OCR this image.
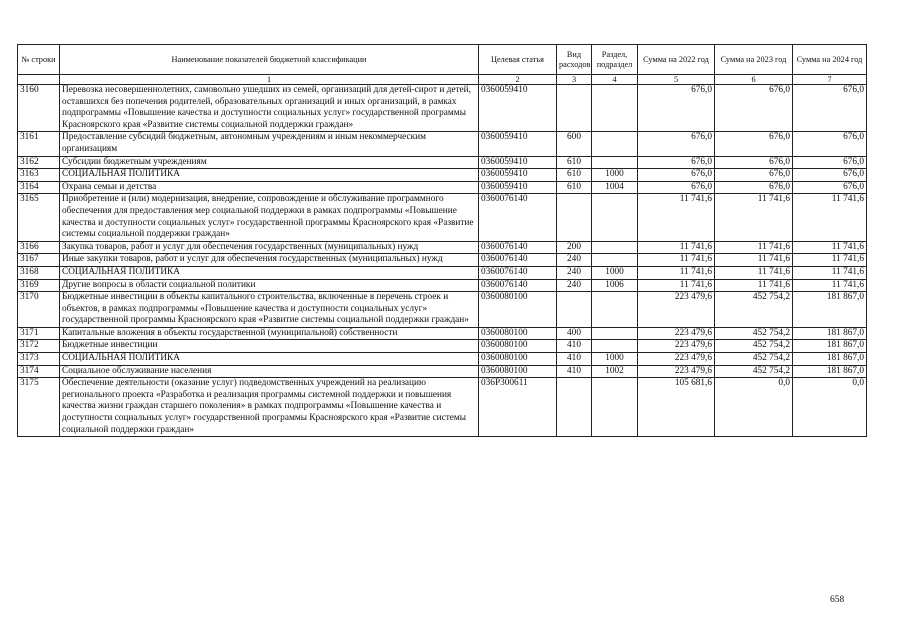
№ строки	Наименование показателей бюджетной классификации	Целевая статья	Вид расходов	Раздел, подраздел	Сумма на 2022 год	Сумма на 2023 год	Сумма на 2024 год
	1	2	3	4	5	6	7
3160	Перевозка несовершеннолетних, самовольно ушедших из семей, организаций для детей-сирот и детей, оставшихся без попечения родителей, образовательных организаций и иных организаций, в рамках подпрограммы «Повышение качества и доступности социальных услуг» государственной программы Красноярского края «Развитие системы социальной поддержки граждан»	0360059410			676,0	676,0	676,0
3161	Предоставление субсидий бюджетным, автономным учреждениям и иным некоммерческим организациям	0360059410	600		676,0	676,0	676,0
3162	Субсидии бюджетным учреждениям	0360059410	610		676,0	676,0	676,0
3163	СОЦИАЛЬНАЯ ПОЛИТИКА	0360059410	610	1000	676,0	676,0	676,0
3164	Охрана семьи и детства	0360059410	610	1004	676,0	676,0	676,0
3165	Приобретение и (или) модернизация, внедрение, сопровождение и обслуживание программного обеспечения для предоставления мер социальной поддержки в рамках подпрограммы «Повышение качества и доступности социальных услуг» государственной программы Красноярского края «Развитие системы социальной поддержки граждан»	0360076140			11 741,6	11 741,6	11 741,6
3166	Закупка товаров, работ и услуг для обеспечения государственных (муниципальных) нужд	0360076140	200		11 741,6	11 741,6	11 741,6
3167	Иные закупки товаров, работ и услуг для обеспечения государственных (муниципальных) нужд	0360076140	240		11 741,6	11 741,6	11 741,6
3168	СОЦИАЛЬНАЯ ПОЛИТИКА	0360076140	240	1000	11 741,6	11 741,6	11 741,6
3169	Другие вопросы в области социальной политики	0360076140	240	1006	11 741,6	11 741,6	11 741,6
3170	Бюджетные инвестиции в объекты капитального строительства, включенные в перечень строек и объектов, в рамках подпрограммы «Повышение качества и доступности социальных услуг» государственной программы Красноярского края «Развитие системы социальной поддержки граждан»	0360080100			223 479,6	452 754,2	181 867,0
3171	Капитальные вложения в объекты государственной (муниципальной) собственности	0360080100	400		223 479,6	452 754,2	181 867,0
3172	Бюджетные инвестиции	0360080100	410		223 479,6	452 754,2	181 867,0
3173	СОЦИАЛЬНАЯ ПОЛИТИКА	0360080100	410	1000	223 479,6	452 754,2	181 867,0
3174	Социальное обслуживание населения	0360080100	410	1002	223 479,6	452 754,2	181 867,0
3175	Обеспечение деятельности (оказание услуг) подведомственных учреждений на реализацию регионального проекта «Разработка и реализация программы системной поддержки и повышения качества жизни граждан старшего поколения» в рамках подпрограммы «Повышение качества и доступности социальных услуг» государственной программы Красноярского края «Развитие системы социальной поддержки граждан»	036P300611			105 681,6	0,0	0,0
658
